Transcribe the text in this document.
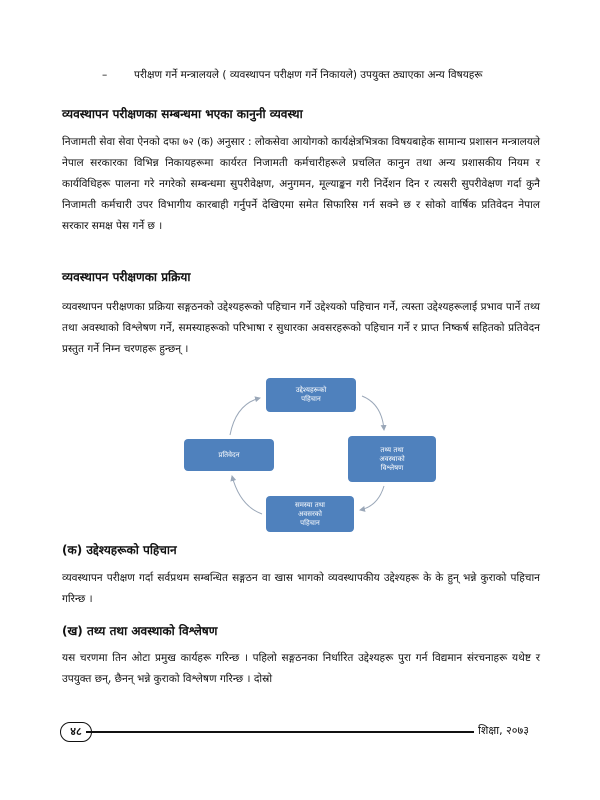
–	परीक्षण गर्ने मन्त्रालयले ( व्यवस्थापन परीक्षण गर्ने निकायले) उपयुक्त ठ्याएका अन्य विषयहरू
व्यवस्थापन परीक्षणका सम्बन्धमा भएका कानुनी व्यवस्था
निजामती सेवा सेवा ऐनको दफा ७२ (क) अनुसार : लोकसेवा आयोगको कार्यक्षेत्रभित्रका विषयबाहेक सामान्य प्रशासन मन्त्रालयले नेपाल सरकारका विभिन्न निकायहरूमा कार्यरत निजामती कर्मचारीहरूले प्रचलित कानुन तथा अन्य प्रशासकीय नियम र कार्यविधिहरू पालना गरे नगरेको सम्बन्धमा सुपरीवेक्षण, अनुगमन, मूल्याङ्कन गरी निर्देशन दिन र त्यसरी सुपरीवेक्षण गर्दा कुनै निजामती कर्मचारी उपर विभागीय कारबाही गर्नुपर्ने देखिएमा समेत सिफारिस गर्न सक्ने छ र सोको वार्षिक प्रतिवेदन नेपाल सरकार समक्ष पेस गर्ने छ ।
व्यवस्थापन परीक्षणका प्रक्रिया
व्यवस्थापन परीक्षणका प्रक्रिया सङ्गठनको उद्देश्यहरूको पहिचान गर्ने उद्देश्यको पहिचान गर्ने, त्यस्ता उद्देश्यहरूलाई प्रभाव पार्ने तथ्य तथा अवस्थाको विश्लेषण गर्ने, समस्याहरूको परिभाषा र सुधारका अवसरहरूको पहिचान गर्ने र प्राप्त निष्कर्ष सहितको प्रतिवेदन प्रस्तुत गर्ने निम्न चरणहरू हुन्छन् ।
उद्देश्यहरूको
पहिचान
तथ्य तथा
अवस्थाको
विश्लेषण
समस्या तथा
अवसरको
पहिचान
प्रतिवेदन
(क) उद्देश्यहरूको पहिचान
व्यवस्थापन परीक्षण गर्दा सर्वप्रथम सम्बन्धित सङ्गठन वा खास भागको व्यवस्थापकीय उद्देश्यहरू के के हुन् भन्ने कुराको पहिचान गरिन्छ ।
(ख) तथ्य तथा अवस्थाको विश्लेषण
यस चरणमा तिन ओटा प्रमुख कार्यहरू गरिन्छ । पहिलो सङ्गठनका निर्धारित उद्देश्यहरू पुरा गर्न विद्यमान संरचनाहरू यथेष्ट र उपयुक्त छन्, छैनन् भन्ने कुराको विश्लेषण गरिन्छ । दोस्रो
४८	शिक्षा, २०७३
